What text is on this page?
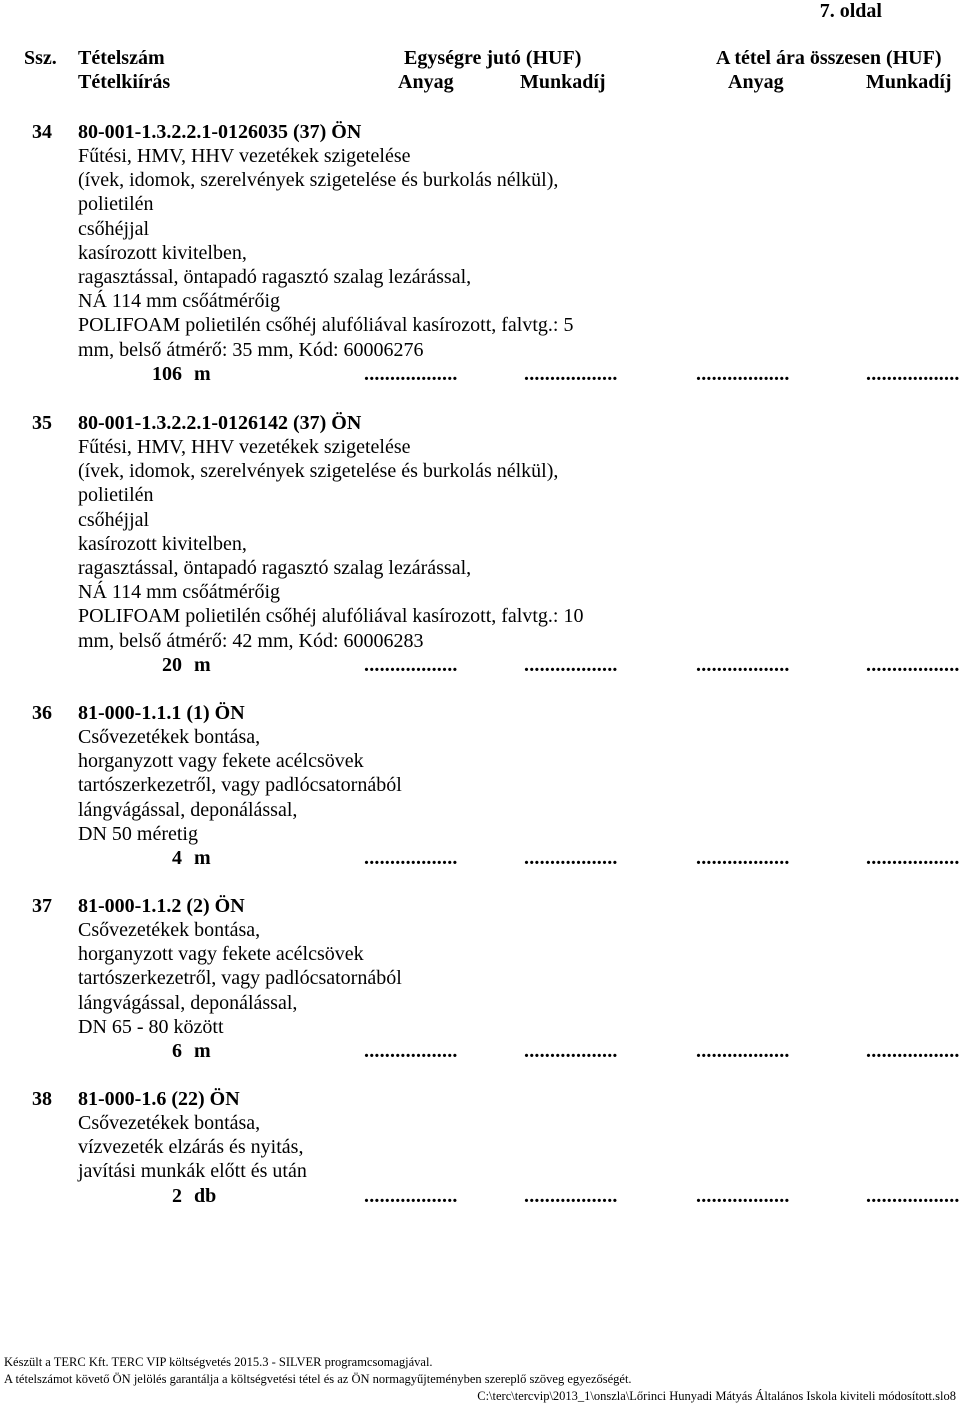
7. oldal
Ssz. Tételszám
Tételkiírás
Egységre jutó (HUF)
Anyag	Munkadíj
A tétel ára összesen (HUF)
Anyag	Munkadíj
34 80-001-1.3.2.2.1-0126035 (37) ÖN
Fűtési, HMV, HHV vezetékek szigetelése
(ívek, idomok, szerelvények szigetelése és burkolás nélkül),
polietilén
csőhéjjal
kasírozott kivitelben,
ragasztással, öntapadó ragasztó szalag lezárással,
NÁ 114 mm csőátmérőig
POLIFOAM polietilén csőhéj alufóliával kasírozott, falvtg.: 5
mm, belső átmérő: 35 mm, Kód: 60006276
106 m	..................	..................	..................	..................
35 80-001-1.3.2.2.1-0126142 (37) ÖN
Fűtési, HMV, HHV vezetékek szigetelése
(ívek, idomok, szerelvények szigetelése és burkolás nélkül),
polietilén
csőhéjjal
kasírozott kivitelben,
ragasztással, öntapadó ragasztó szalag lezárással,
NÁ 114 mm csőátmérőig
POLIFOAM polietilén csőhéj alufóliával kasírozott, falvtg.: 10
mm, belső átmérő: 42 mm, Kód: 60006283
20 m	..................	..................	..................	..................
36 81-000-1.1.1 (1) ÖN
Csővezetékek bontása,
horganyzott vagy fekete acélcsövek
tartószerkezetről, vagy padlócsatornából
lángvágással, deponálással,
DN 50 méretig
4 m	..................	..................	..................	..................
37 81-000-1.1.2 (2) ÖN
Csővezetékek bontása,
horganyzott vagy fekete acélcsövek
tartószerkezetről, vagy padlócsatornából
lángvágással, deponálással,
DN 65 - 80 között
6 m	..................	..................	..................	..................
38 81-000-1.6 (22) ÖN
Csővezetékek bontása,
vízvezeték elzárás és nyitás,
javítási munkák előtt és után
2 db	..................	..................	..................	..................
Készült a TERC Kft. TERC VIP költségvetés 2015.3 - SILVER programcsomagjával.
A tételszámot követő ÖN jelölés garantálja a költségvetési tétel és az ÖN normagyűjteményben szereplő szöveg egyezőségét.
C:\terc\tercvip\2013_1\onszla\Lőrinci Hunyadi Mátyás Általános Iskola kiviteli módosított.slo8
